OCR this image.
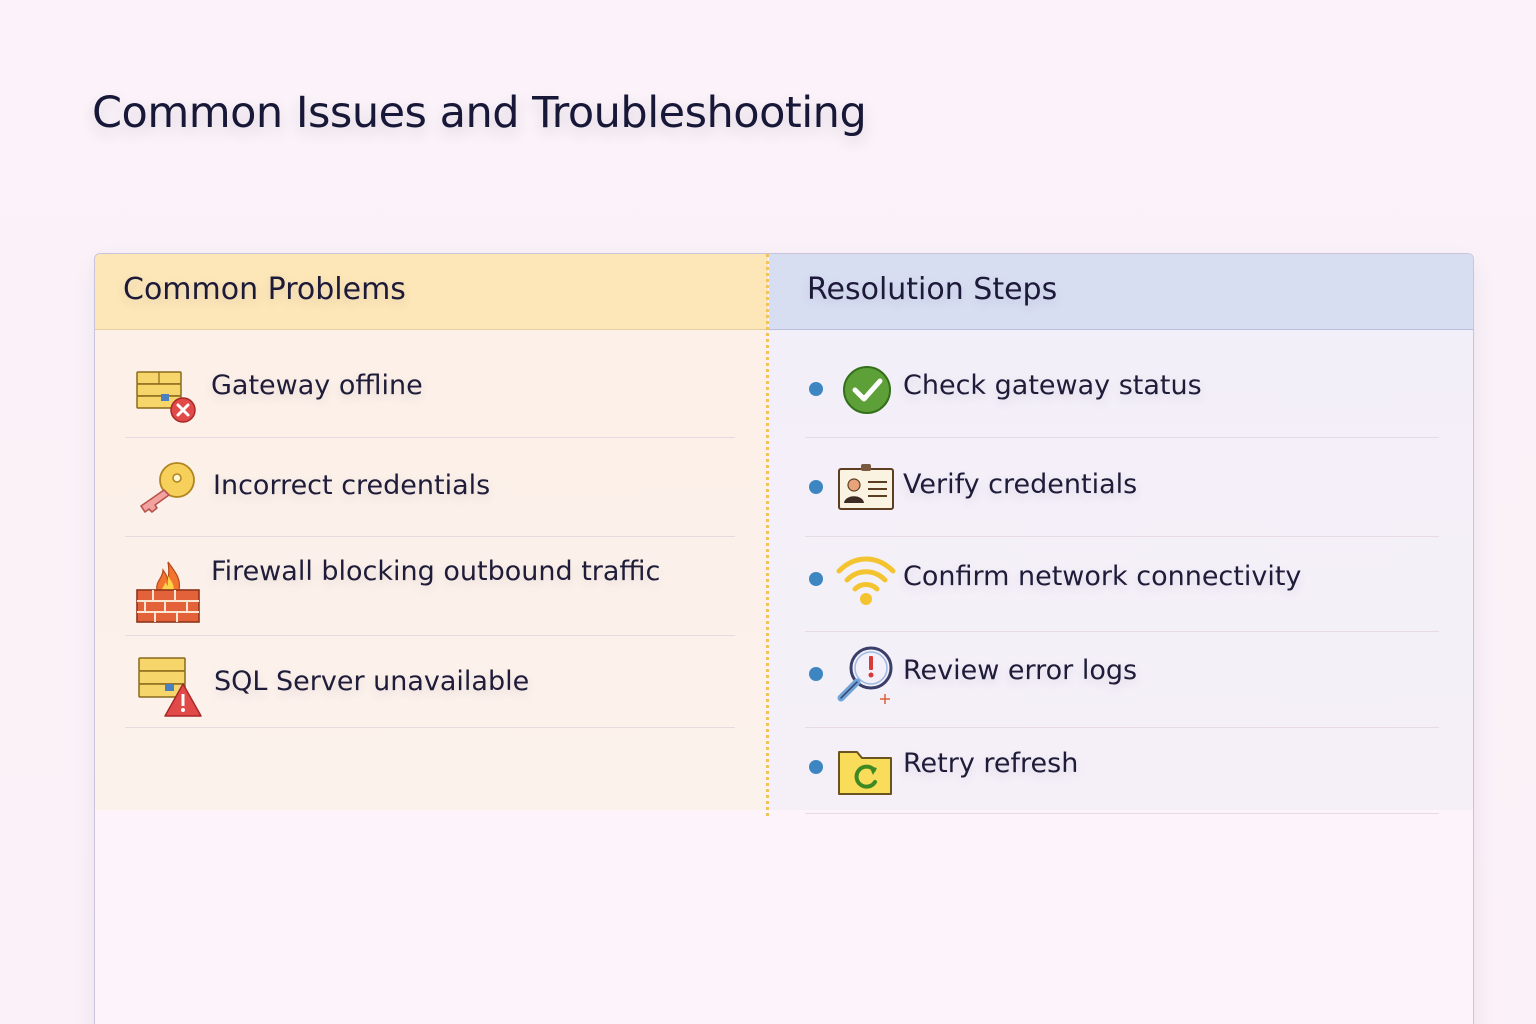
Common Issues and Troubleshooting
Common Problems	Resolution Steps
Gateway offline
Incorrect credentials
Firewall blocking outbound traffic
SQL Server unavailable
Check gateway status
Verify credentials
Confirm network connectivity
Review error logs
Retry refresh
